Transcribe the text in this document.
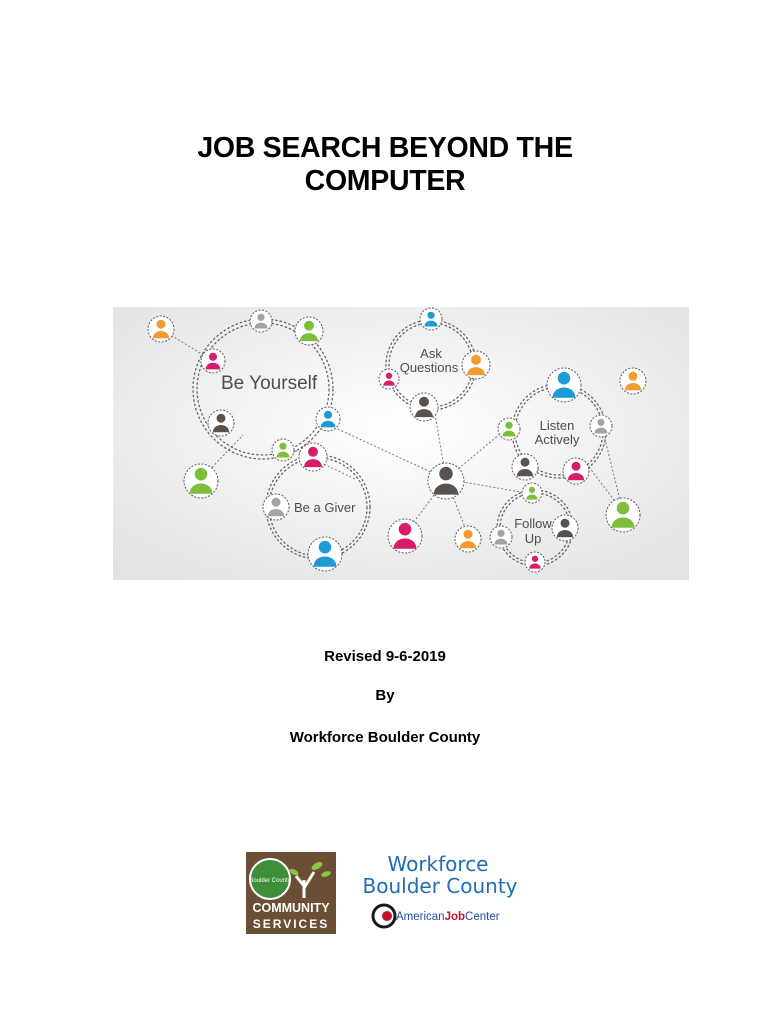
JOB SEARCH BEYOND THE
COMPUTER
Be Yourself
Ask
Questions
Listen
Actively
Be a Giver
Follow
Up
Revised 9-6-2019
By
Workforce Boulder County
Boulder County
COMMUNITY
SERVICES
Workforce
Boulder County
AmericanJobCenter
